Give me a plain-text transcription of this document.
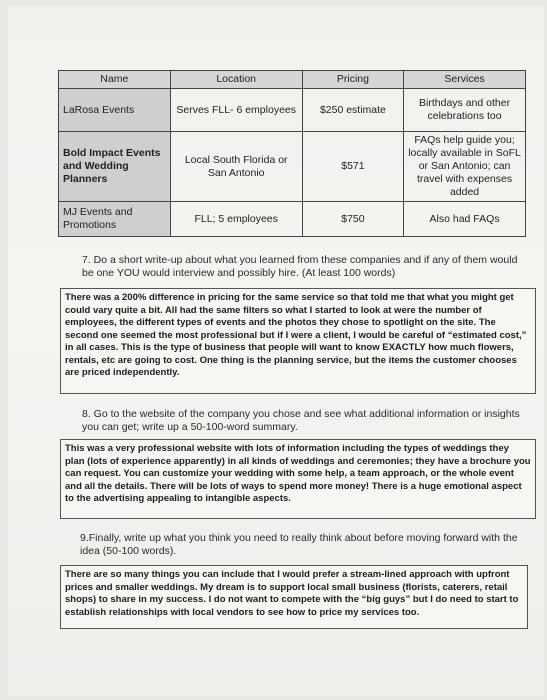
Name	Location	Pricing	Services
LaRosa Events	Serves FLL- 6 employees	$250 estimate	Birthdays and other celebrations too
Bold Impact Events and Wedding Planners	Local South Florida or San Antonio	$571	FAQs help guide you; locally available in SoFL or San Antonio; can travel with expenses added
MJ Events and Promotions	FLL; 5 employees	$750	Also had FAQs
7. Do a short write-up about what you learned from these companies and if any of them would be one YOU would interview and possibly hire. (At least 100 words)
There was a 200% difference in pricing for the same service so that told me that what you might get could vary quite a bit. All had the same filters so what I started to look at were the number of employees, the different types of events and the photos they chose to spotlight on the site. The second one seemed the most professional but if I were a client, I would be careful of “estimated cost,” in all cases. This is the type of business that people will want to know EXACTLY how much flowers, rentals, etc are going to cost. One thing is the planning service, but the items the customer chooses are priced independently.
8. Go to the website of the company you chose and see what additional information or insights you can get; write up a 50-100-word summary.
This was a very professional website with lots of information including the types of weddings they plan (lots of experience apparently) in all kinds of weddings and ceremonies; they have a brochure you can request. You can customize your wedding with some help, a team approach, or the whole event and all the details. There will be lots of ways to spend more money! There is a huge emotional aspect to the advertising appealing to intangible aspects.
9.Finally, write up what you think you need to really think about before moving forward with the idea (50-100 words).
There are so many things you can include that I would prefer a stream-lined approach with upfront prices and smaller weddings. My dream is to support local small business (florists, caterers, retail shops) to share in my success. I do not want to compete with the “big guys” but I do need to start to establish relationships with local vendors to see how to price my services too.
